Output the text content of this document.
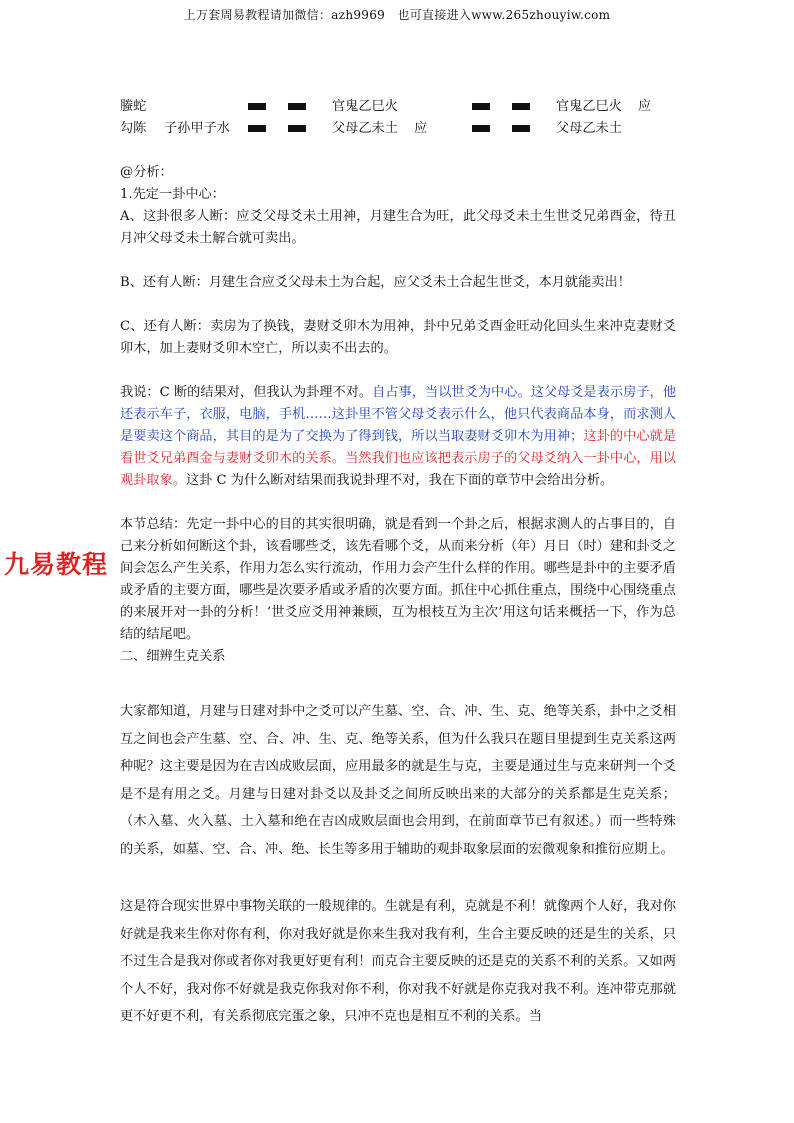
上万套周易教程请加微信：azh9969　也可直接进入www.265zhouyiw.com
九易教程
螣蛇	官鬼乙巳火	官鬼乙巳火 应
勾陈 子孙甲子水	父母乙未土 应	父母乙未土

@分析：

1.先定一卦中心：

A、这卦很多人断：应爻父母爻未土用神，月建生合为旺，此父母爻未土生世爻兄弟酉金，待丑月冲父母爻未土解合就可卖出。

B、还有人断：月建生合应爻父母未土为合起，应父爻未土合起生世爻，本月就能卖出！

C、还有人断：卖房为了换钱，妻财爻卯木为用神，卦中兄弟爻酉金旺动化回头生来冲克妻财爻卯木，加上妻财爻卯木空亡，所以卖不出去的。

我说：C 断的结果对，但我认为卦理不对。自占事，当以世爻为中心。这父母爻是表示房子，他还表示车子，衣服，电脑，手机……这卦里不管父母爻表示什么，他只代表商品本身，而求测人是要卖这个商品，其目的是为了交换为了得到钱，所以当取妻财爻卯木为用神；这卦的中心就是看世爻兄弟酉金与妻财爻卯木的关系。当然我们也应该把表示房子的父母爻纳入一卦中心，用以观卦取象。这卦 C 为什么断对结果而我说卦理不对，我在下面的章节中会给出分析。

本节总结：先定一卦中心的目的其实很明确，就是看到一个卦之后，根据求测人的占事目的，自己来分析如何断这个卦，该看哪些爻，该先看哪个爻，从而来分析（年）月日（时）建和卦爻之间会怎么产生关系，作用力怎么实行流动，作用力会产生什么样的作用。哪些是卦中的主要矛盾或矛盾的主要方面，哪些是次要矛盾或矛盾的次要方面。抓住中心抓住重点，围绕中心围绕重点的来展开对一卦的分析！‘世爻应爻用神兼顾，互为根枝互为主次’用这句话来概括一下，作为总结的结尾吧。

二、细辨生克关系

大家都知道，月建与日建对卦中之爻可以产生墓、空、合、冲、生、克、绝等关系，卦中之爻相互之间也会产生墓、空、合、冲、生、克、绝等关系，但为什么我只在题目里提到生克关系这两种呢？这主要是因为在吉凶成败层面，应用最多的就是生与克，主要是通过生与克来研判一个爻是不是有用之爻。月建与日建对卦爻以及卦爻之间所反映出来的大部分的关系都是生克关系；（木入墓、火入墓、土入墓和绝在吉凶成败层面也会用到，在前面章节已有叙述。）而一些特殊的关系，如墓、空、合、冲、绝、长生等多用于辅助的观卦取象层面的宏微观象和推衍应期上。

这是符合现实世界中事物关联的一般规律的。生就是有利，克就是不利！就像两个人好，我对你好就是我来生你对你有利，你对我好就是你来生我对我有利，生合主要反映的还是生的关系，只不过生合是我对你或者你对我更好更有利！而克合主要反映的还是克的关系不利的关系。又如两个人不好，我对你不好就是我克你我对你不利，你对我不好就是你克我对我不利。连冲带克那就更不好更不利，有关系彻底完蛋之象，只冲不克也是相互不利的关系。当
